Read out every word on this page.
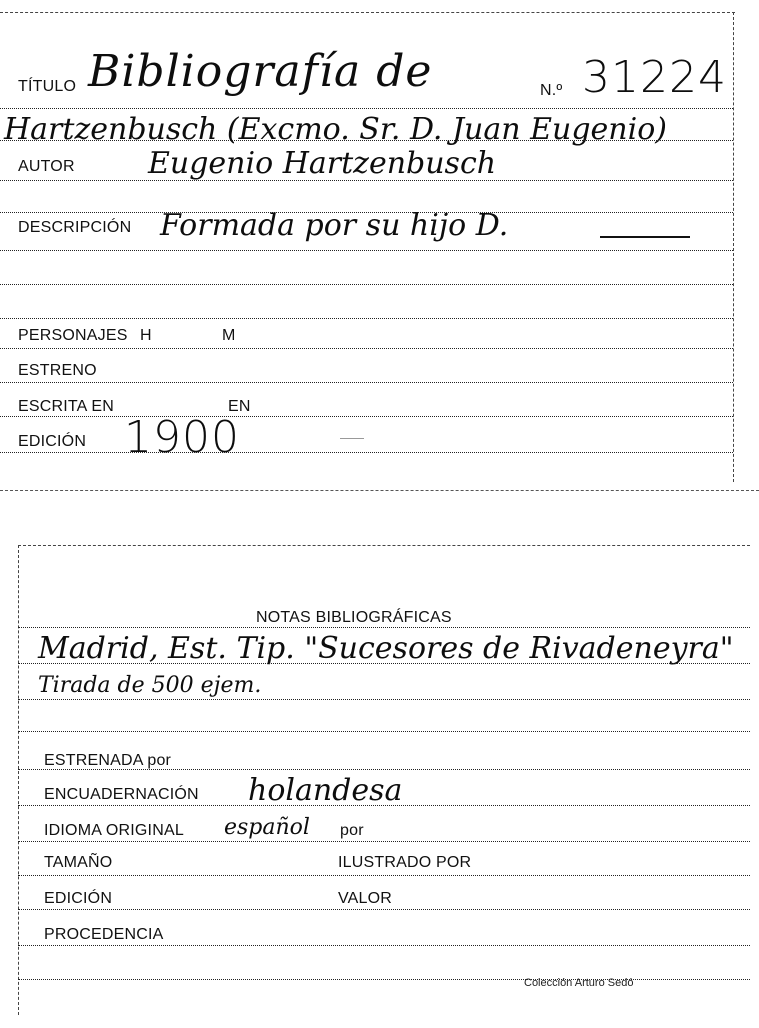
TÍTULO Bibliografía de	N.º 31224
Hartzenbusch (Excmo. Sr. D. Juan Eugenio)
AUTOR Eugenio Hartzenbusch
DESCRIPCIÓN Formada por su hijo D.
PERSONAJES H	M
ESTRENO
ESCRITA EN	EN
EDICIÓN 1900
NOTAS BIBLIOGRÁFICAS
Madrid, Est. Tip. "Sucesores de Rivadeneyra"
Tirada de 500 ejem.
ESTRENADA por
ENCUADERNACIÓN holandesa
IDIOMA ORIGINAL español por
TAMAÑO	ILUSTRADO POR
EDICIÓN	VALOR
PROCEDENCIA
Colección Arturo Sedó
